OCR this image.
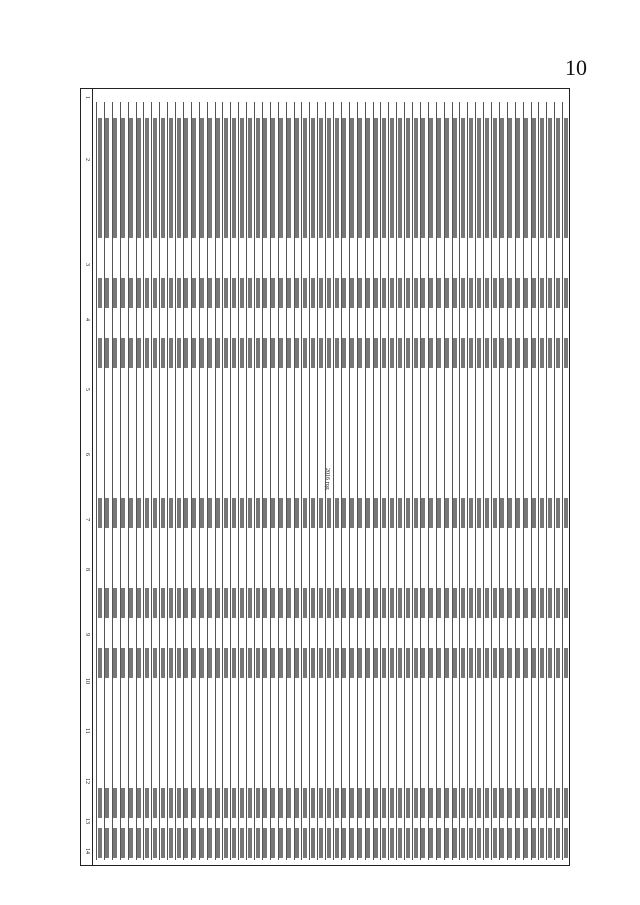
10
1
2
3
4
5
6
7
8
9
10
11
12
13
14
2016 год
